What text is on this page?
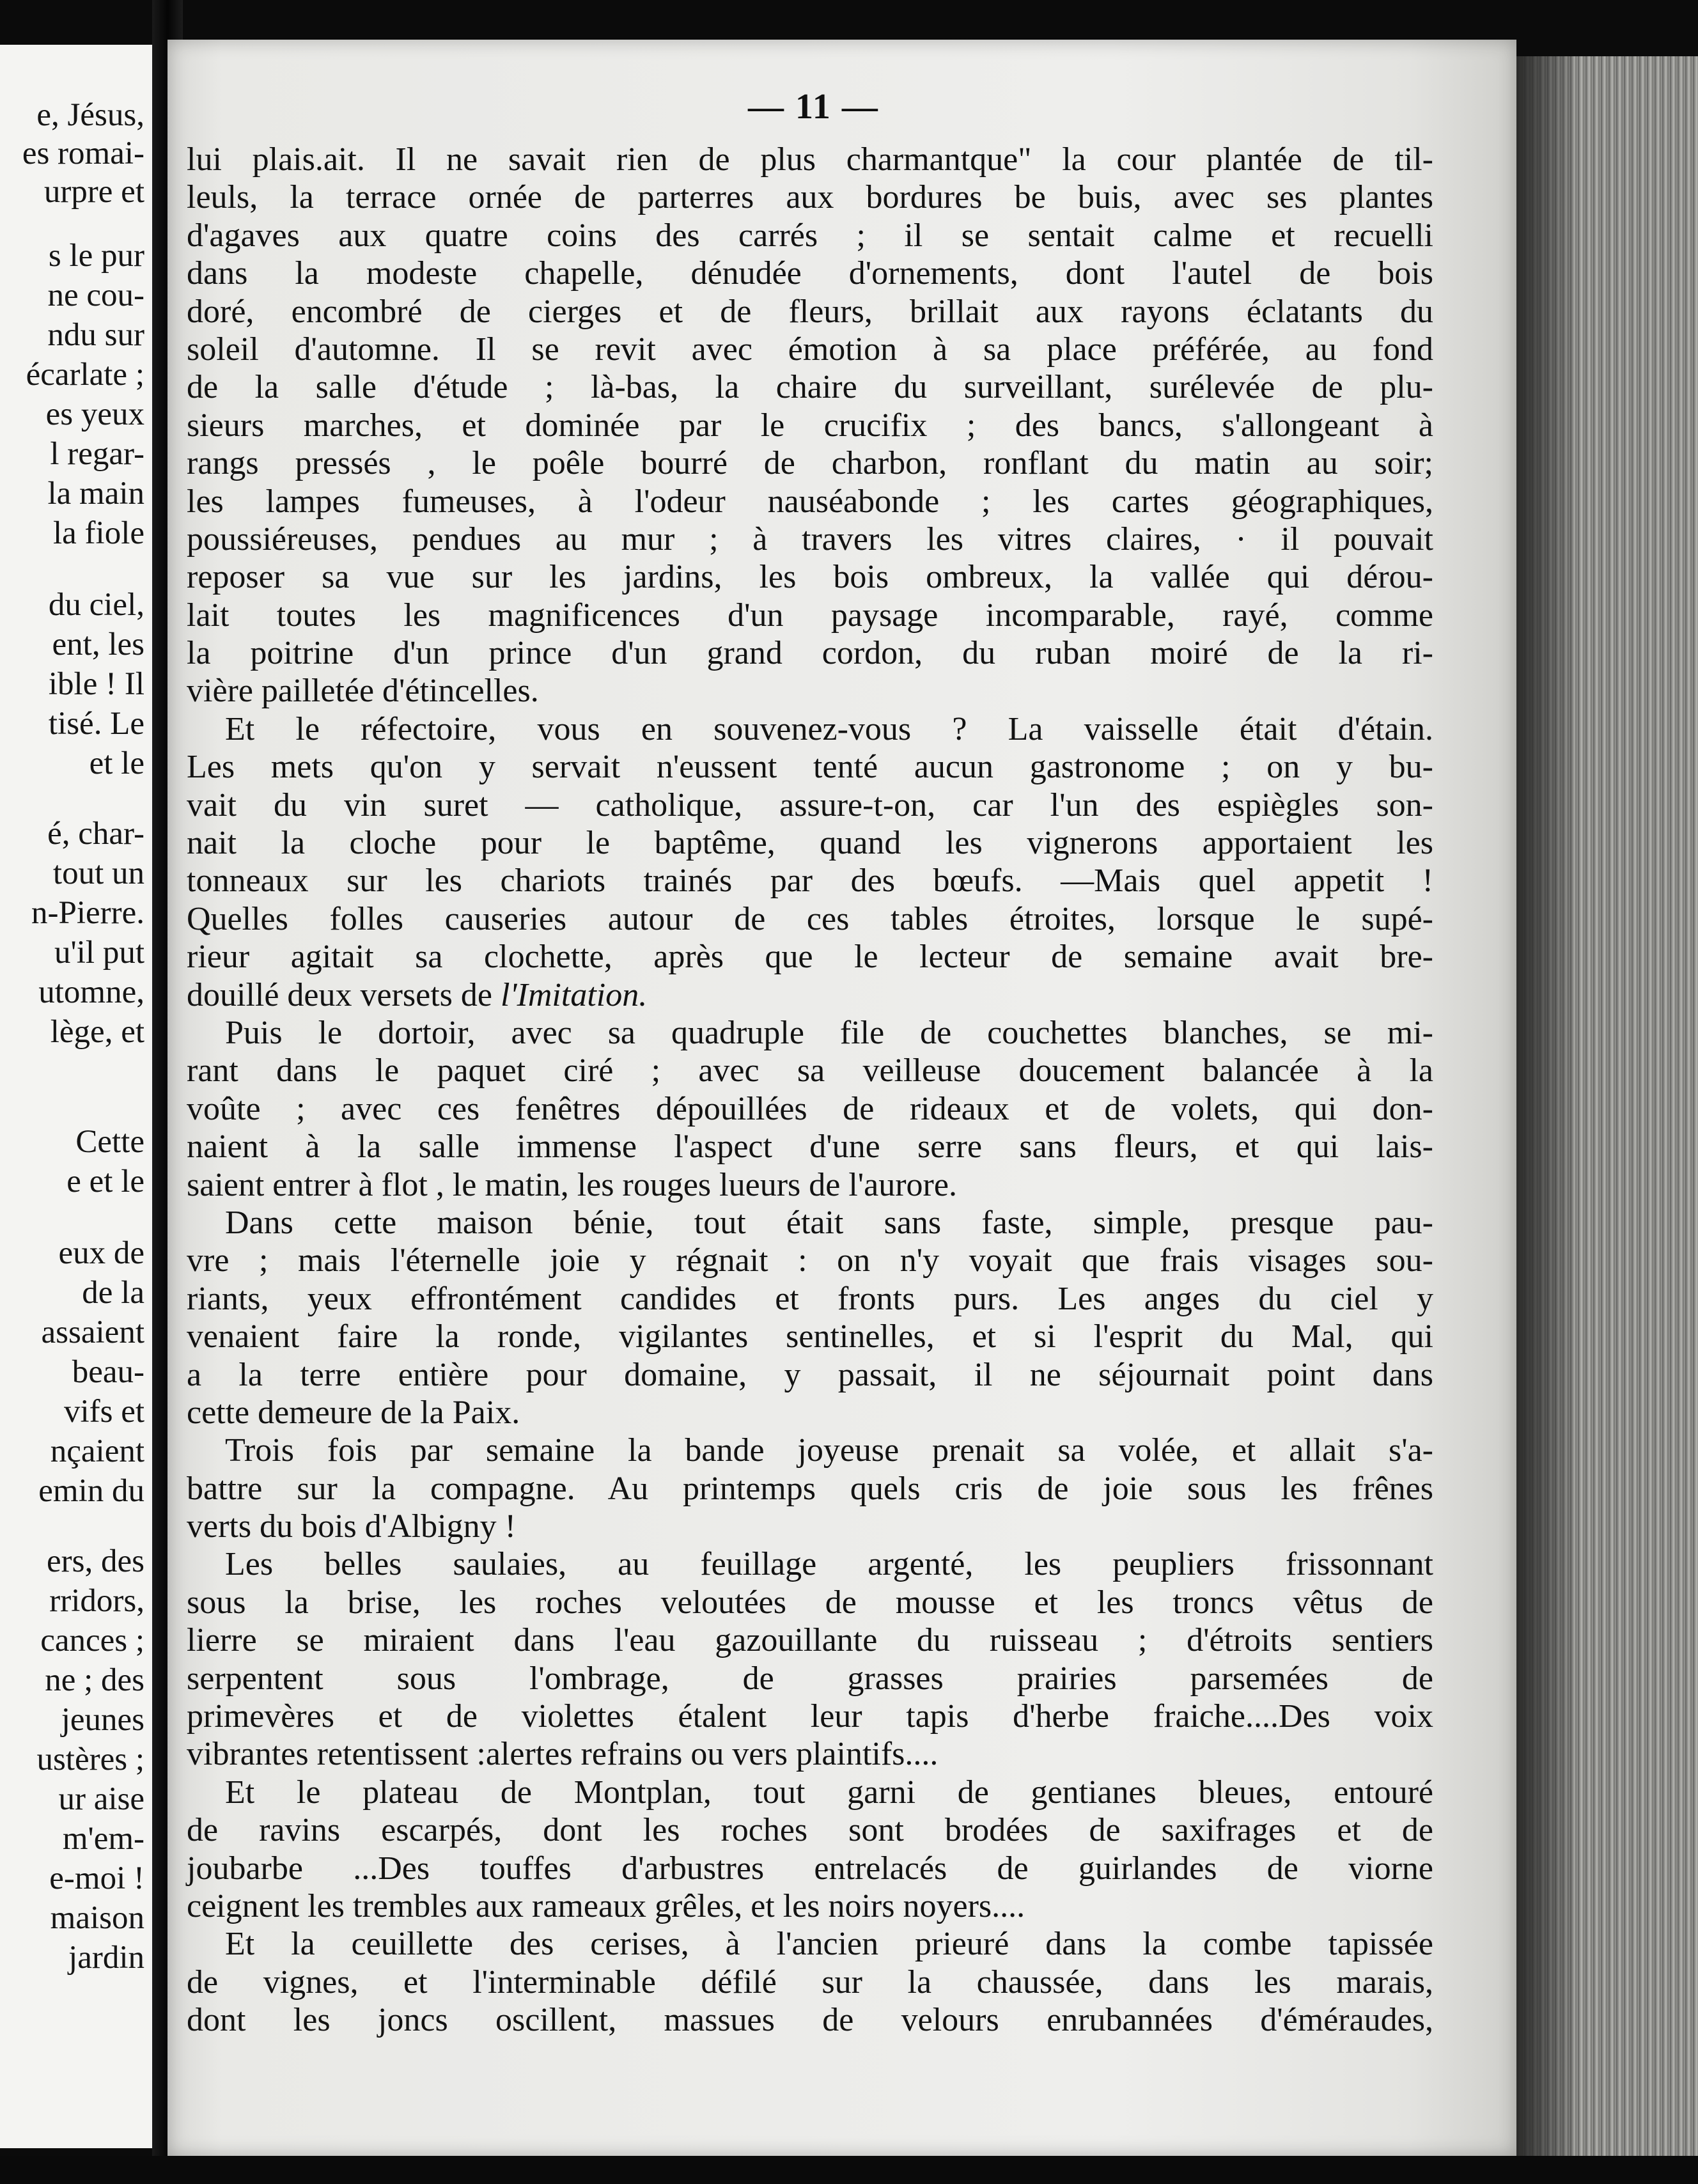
e, Jésus,
es romai-
urpre et
s le pur
ne cou-
ndu sur
écarlate ;
es yeux
l regar-
la main
la fiole
du ciel,
ent, les
ible ! Il
tisé. Le
et le
é, char-
tout un
n-Pierre.
u'il put
utomne,
lège, et
Cette
e et le
eux de
de la
assaient
beau-
vifs et
nçaient
emin du
ers, des
rridors,
cances ;
ne ; des
jeunes
ustères ;
ur aise
m'em-
e-moi !
maison
jardin
— 11 —
lui plais.ait. Il ne savait rien de plus charmantque" la cour plantée de til-
leuls, la terrace ornée de parterres aux bordures be buis, avec ses plantes
d'agaves aux quatre coins des carrés ; il se sentait calme et recuelli
dans la modeste chapelle, dénudée d'ornements, dont l'autel de bois
doré, encombré de cierges et de fleurs, brillait aux rayons éclatants du
soleil d'automne. Il se revit avec émotion à sa place préférée, au fond
de la salle d'étude ; là-bas, la chaire du surveillant, surélevée de plu-
sieurs marches, et dominée par le crucifix ; des bancs, s'allongeant à
rangs pressés , le poêle bourré de charbon, ronflant du matin au soir;
les lampes fumeuses, à l'odeur nauséabonde ; les cartes géographiques,
poussiéreuses, pendues au mur ; à travers les vitres claires, · il pouvait
reposer sa vue sur les jardins, les bois ombreux, la vallée qui dérou-
lait toutes les magnificences d'un paysage incomparable, rayé, comme
la poitrine d'un prince d'un grand cordon, du ruban moiré de la ri-
vière pailletée d'étincelles.
Et le réfectoire, vous en souvenez-vous ? La vaisselle était d'étain.
Les mets qu'on y servait n'eussent tenté aucun gastronome ; on y bu-
vait du vin suret — catholique, assure-t-on, car l'un des espiègles son-
nait la cloche pour le baptême, quand les vignerons apportaient les
tonneaux sur les chariots trainés par des bœufs. —Mais quel appetit !
Quelles folles causeries autour de ces tables étroites, lorsque le supé-
rieur agitait sa clochette, après que le lecteur de semaine avait bre-
douillé deux versets de l'Imitation.
Puis le dortoir, avec sa quadruple file de couchettes blanches, se mi-
rant dans le paquet ciré ; avec sa veilleuse doucement balancée à la
voûte ; avec ces fenêtres dépouillées de rideaux et de volets, qui don-
naient à la salle immense l'aspect d'une serre sans fleurs, et qui lais-
saient entrer à flot , le matin, les rouges lueurs de l'aurore.
Dans cette maison bénie, tout était sans faste, simple, presque pau-
vre ; mais l'éternelle joie y régnait : on n'y voyait que frais visages sou-
riants, yeux effrontément candides et fronts purs. Les anges du ciel y
venaient faire la ronde, vigilantes sentinelles, et si l'esprit du Mal, qui
a la terre entière pour domaine, y passait, il ne séjournait point dans
cette demeure de la Paix.
Trois fois par semaine la bande joyeuse prenait sa volée, et allait s'a-
battre sur la compagne. Au printemps quels cris de joie sous les frênes
verts du bois d'Albigny !
Les belles saulaies, au feuillage argenté, les peupliers frissonnant
sous la brise, les roches veloutées de mousse et les troncs vêtus de
lierre se miraient dans l'eau gazouillante du ruisseau ; d'étroits sentiers
serpentent sous l'ombrage, de grasses prairies parsemées de
primevères et de violettes étalent leur tapis d'herbe fraiche....Des voix
vibrantes retentissent :alertes refrains ou vers plaintifs....
Et le plateau de Montplan, tout garni de gentianes bleues, entouré
de ravins escarpés, dont les roches sont brodées de saxifrages et de
joubarbe ...Des touffes d'arbustres entrelacés de guirlandes de viorne
ceignent les trembles aux rameaux grêles, et les noirs noyers....
Et la ceuillette des cerises, à l'ancien prieuré dans la combe tapissée
de vignes, et l'interminable défilé sur la chaussée, dans les marais,
dont les joncs oscillent, massues de velours enrubannées d'éméraudes,
